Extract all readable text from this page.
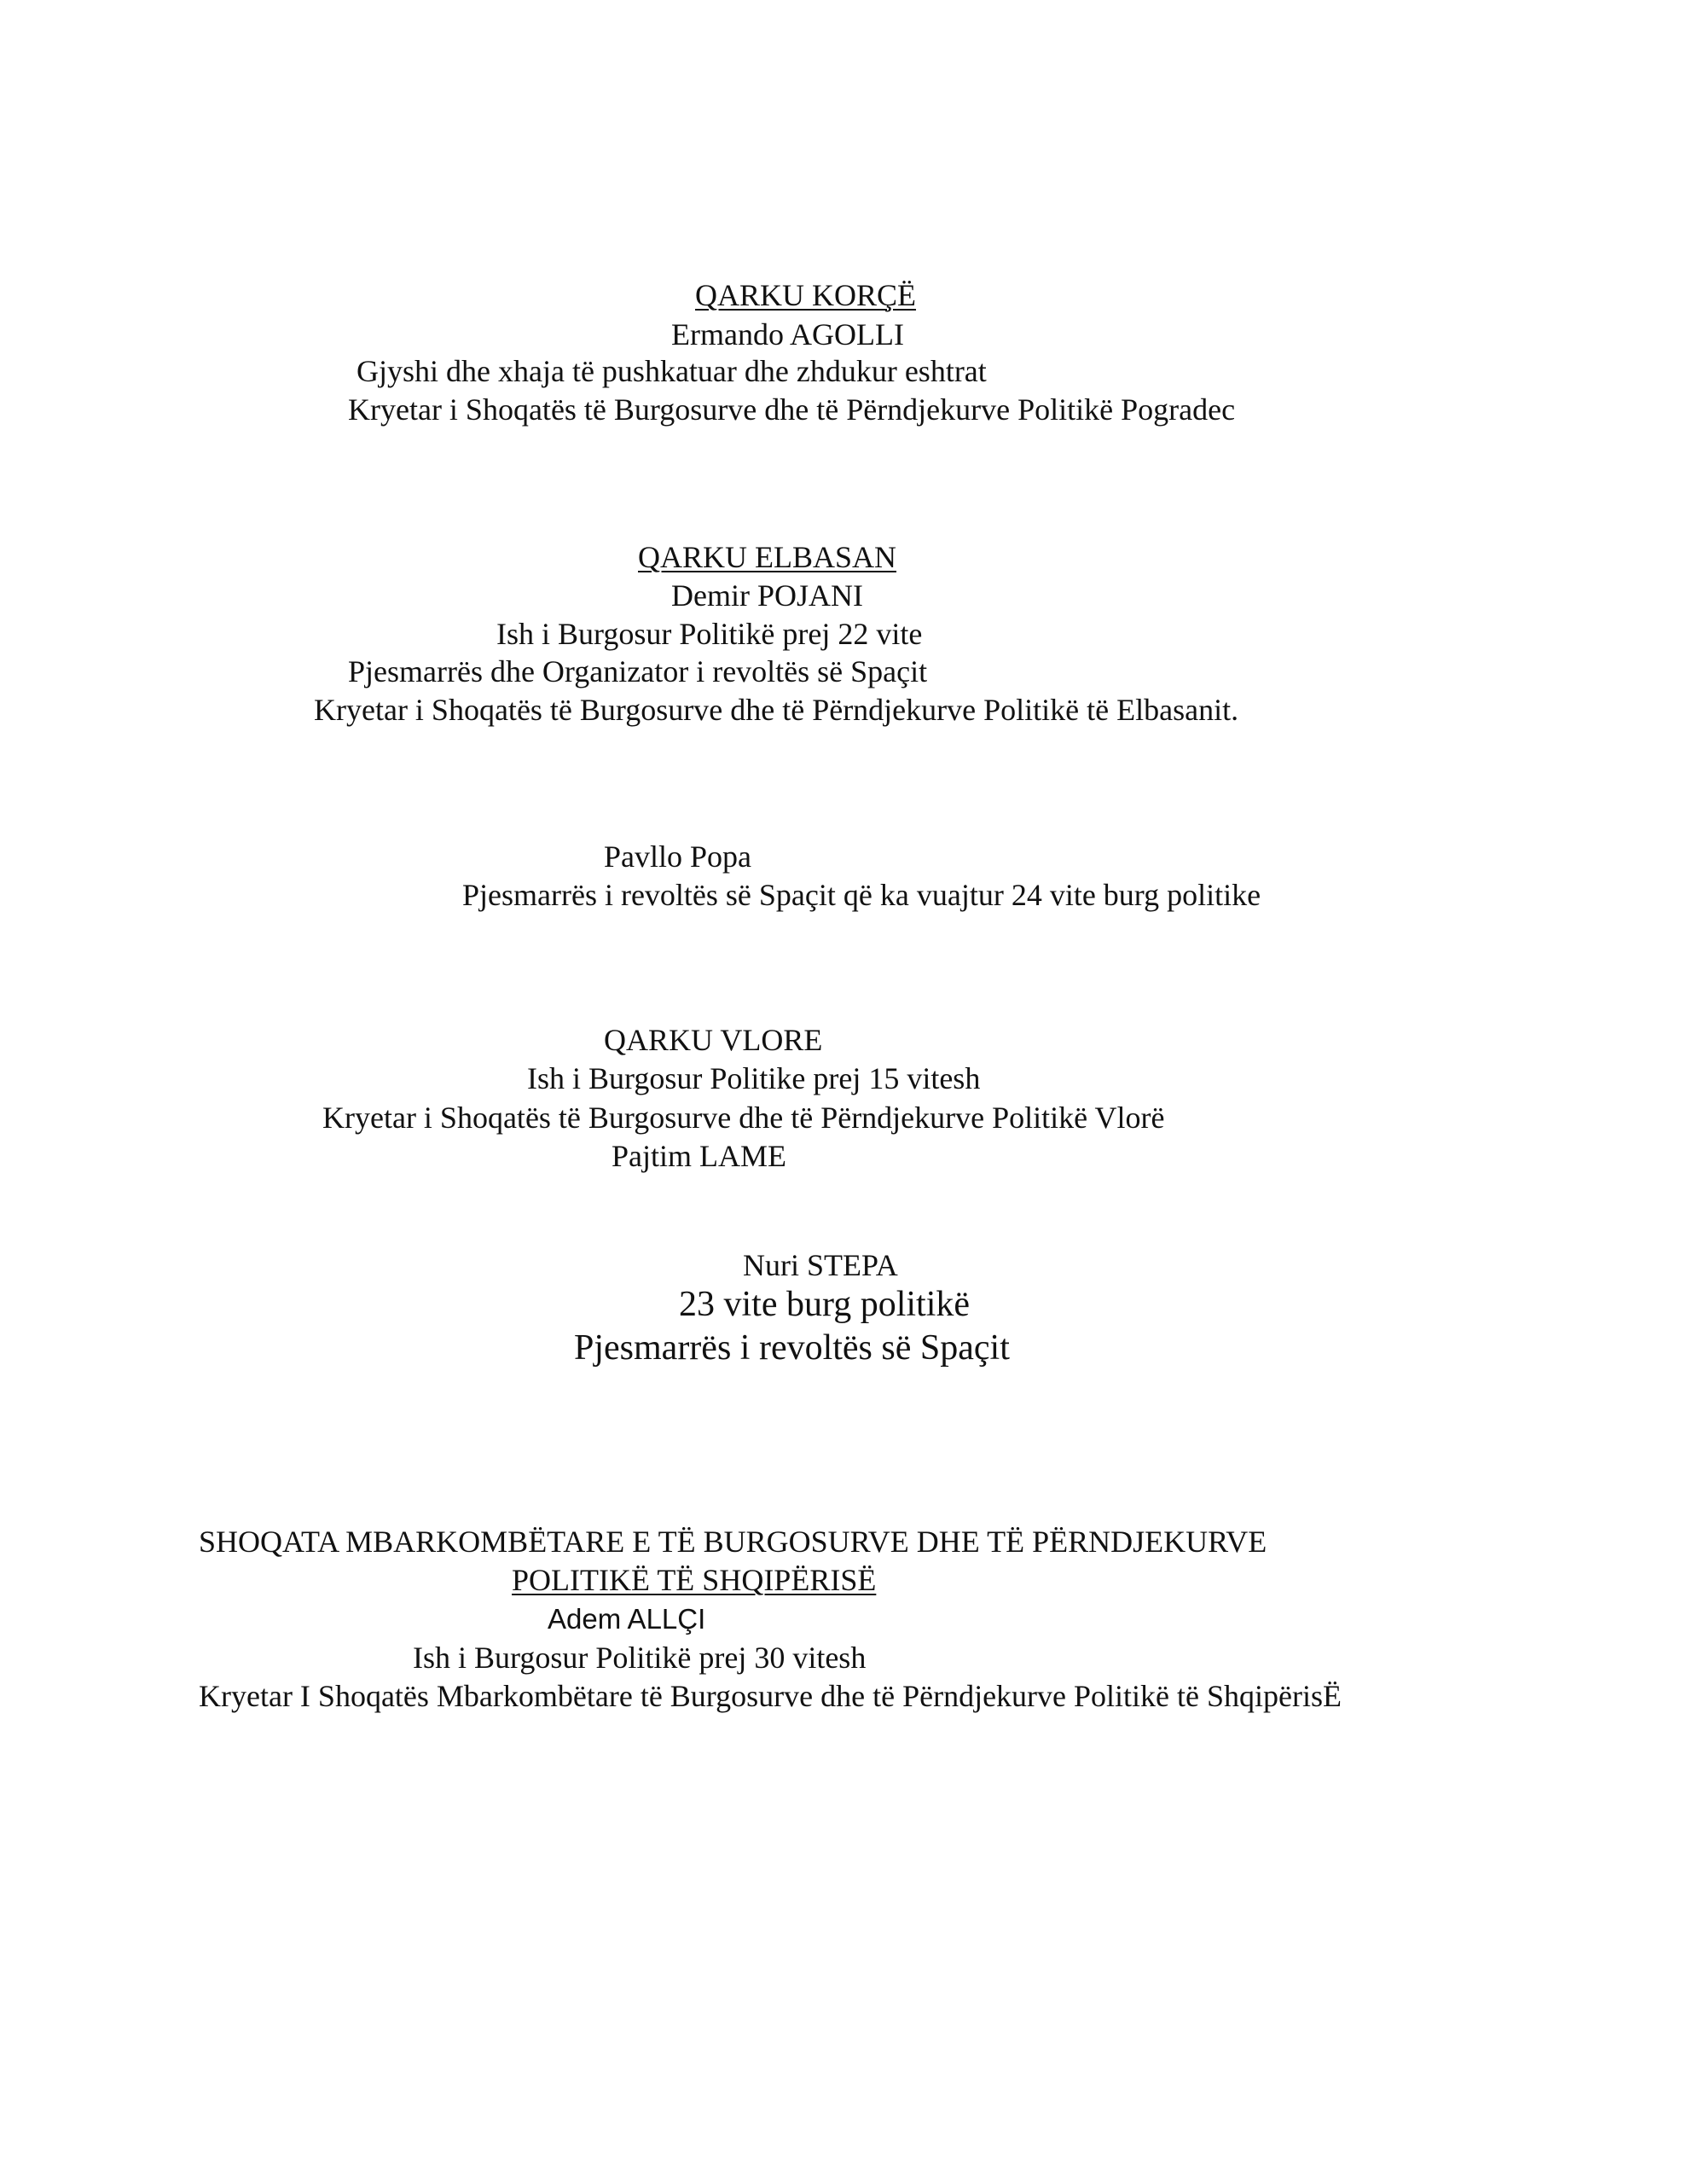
QARKU KORÇË

Ermando AGOLLI

Gjyshi dhe xhaja të pushkatuar dhe zhdukur eshtrat

Kryetar i Shoqatës të Burgosurve dhe të Përndjekurve Politikë Pogradec

QARKU ELBASAN

Demir POJANI

Ish i Burgosur Politikë prej 22 vite

Pjesmarrës dhe Organizator i revoltës së Spaçit

Kryetar i Shoqatës të Burgosurve dhe të Përndjekurve Politikë të Elbasanit.

Pavllo Popa

Pjesmarrës i revoltës së Spaçit që ka vuajtur 24 vite burg politike

QARKU VLORE

Ish i Burgosur Politike prej 15 vitesh

Kryetar i Shoqatës të Burgosurve dhe të Përndjekurve Politikë Vlorë

Pajtim LAME

Nuri STEPA

23 vite burg politikë

Pjesmarrës i revoltës së Spaçit

SHOQATA MBARKOMBËTARE E TË BURGOSURVE DHE TË PËRNDJEKURVE

POLITIKË TË SHQIPËRISË

Adem ALLÇI

Ish i Burgosur Politikë prej 30 vitesh

Kryetar I Shoqatës Mbarkombëtare të Burgosurve dhe të Përndjekurve Politikë të ShqipërisË
